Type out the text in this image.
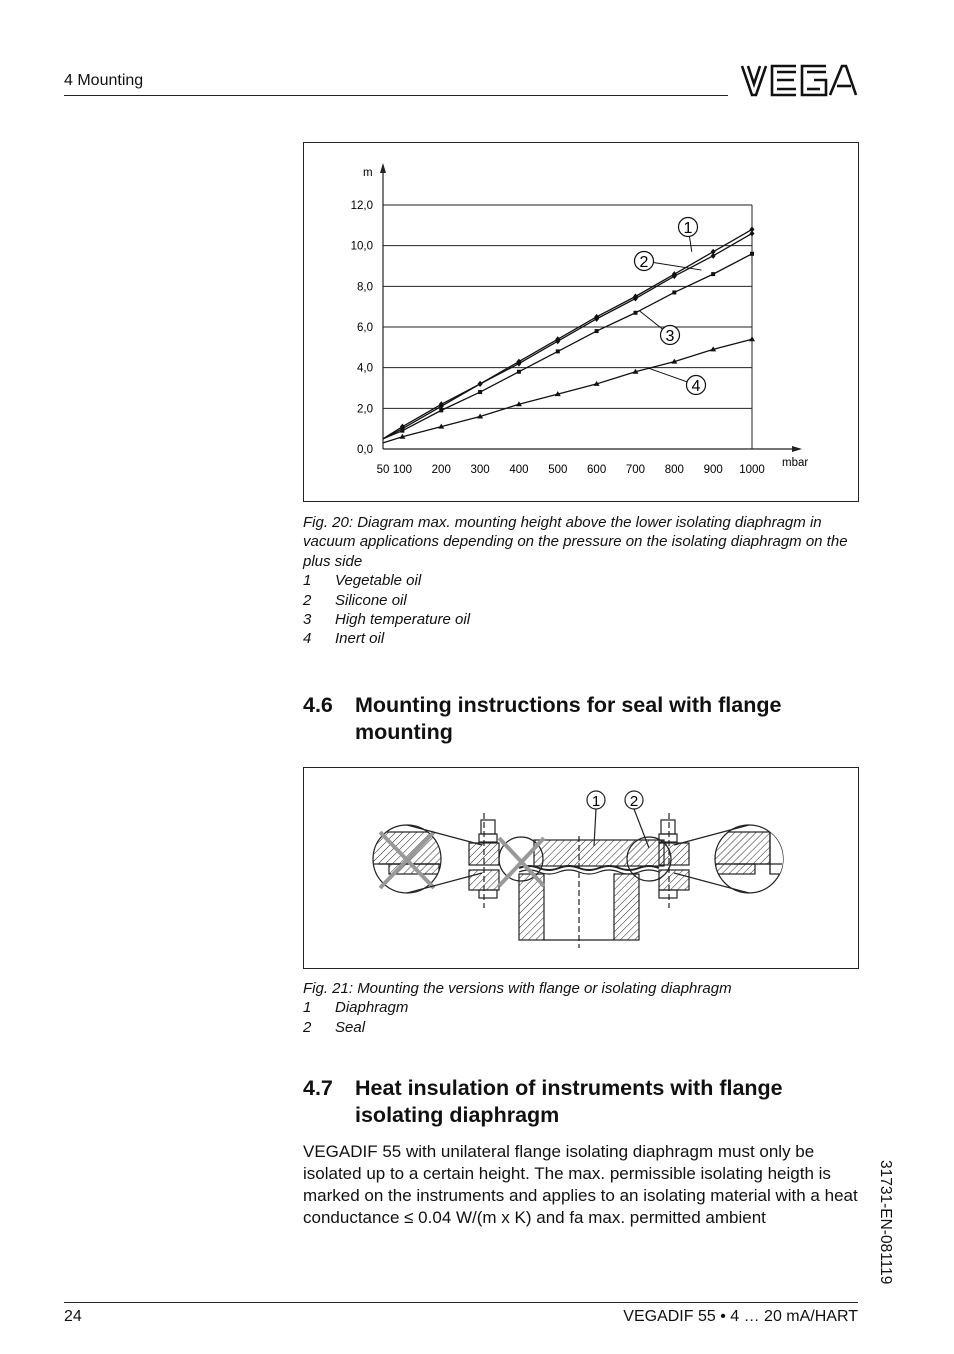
4 Mounting
0,0
2,0
4,0
6,0
8,0
10,0
12,0
50 100 200 300 400 500 600 700 800 900 1000
m
mbar
1
2
3
4
Fig. 20: Diagram max. mounting height above the lower isolating diaphragm in vacuum applications depending on the pressure on the isolating diaphragm on the plus side
1	Vegetable oil
2	Silicone oil
3	High temperature oil
4	Inert oil
4.6	Mounting instructions for seal with flange mounting
1 2
Fig. 21: Mounting the versions with flange or isolating diaphragm
1	Diaphragm
2	Seal
4.7	Heat insulation of instruments with flange isolating diaphragm
VEGADIF 55 with unilateral flange isolating diaphragm must only be isolated up to a certain height. The max. permissible isolating heigth is marked on the instruments and applies to an isolating material with a heat conductance ≤ 0.04 W/(m x K) and fa max. permitted ambient	31731-EN-081119
24	VEGADIF 55 • 4 … 20 mA/HART
